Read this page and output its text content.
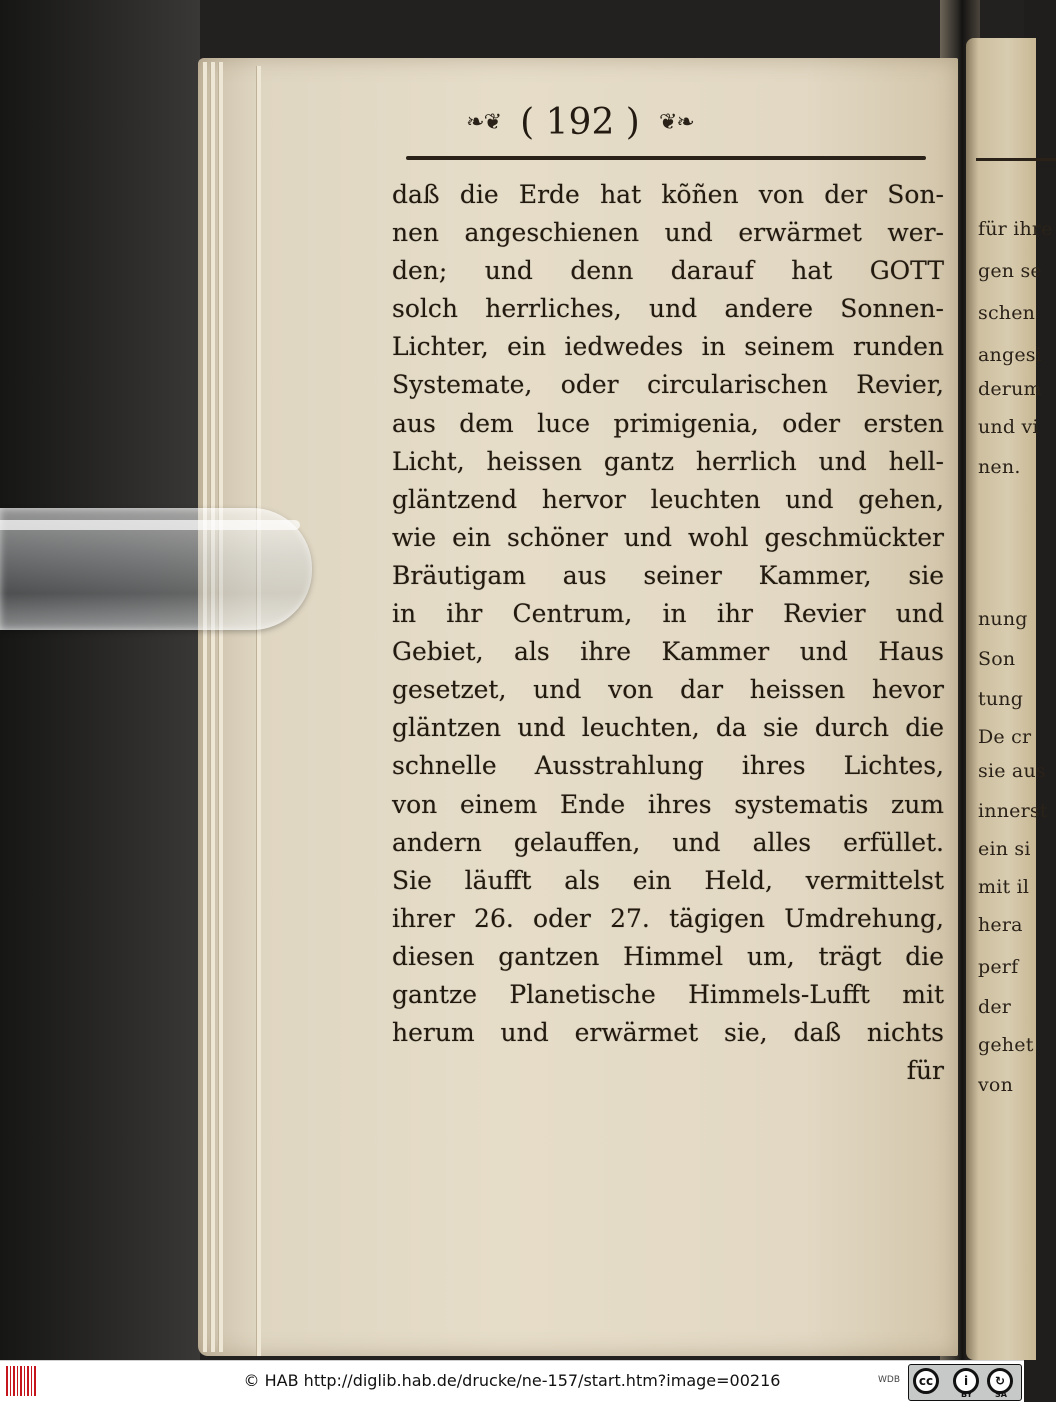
für ihre
gen se
schen
angesi
derum
und vi
nen.
nung
Son
tung
De cr
sie aus
innerst
ein si
mit il
hera
perf
der
gehet
von
❧❦ ( 192 ) ❦❧
daß die Erde hat kõñen von der Son-
nen angeschienen und erwärmet wer-
den; und denn darauf hat GOTT
solch herrliches, und andere Sonnen-
Lichter, ein iedwedes in seinem runden
Systemate, oder circularischen Revier,
aus dem luce primigenia, oder ersten
Licht, heissen gantz herrlich und hell-
gläntzend hervor leuchten und gehen,
wie ein schöner und wohl geschmückter
Bräutigam aus seiner Kammer, sie
in ihr Centrum, in ihr Revier und
Gebiet, als ihre Kammer und Haus
gesetzet, und von dar heissen hevor
gläntzen und leuchten, da sie durch die
schnelle Ausstrahlung ihres Lichtes,
von einem Ende ihres systematis zum
andern gelauffen, und alles erfüllet.
Sie läufft als ein Held, vermittelst
ihrer 26. oder 27. tägigen Umdrehung,
diesen gantzen Himmel um, trägt die
gantze Planetische Himmels-Lufft mit
herum und erwärmet sie, daß nichts
für
© HAB http://diglib.hab.de/drucke/ne-157/start.htm?image=00216	WDB	cc	i	↻
BY	SA
